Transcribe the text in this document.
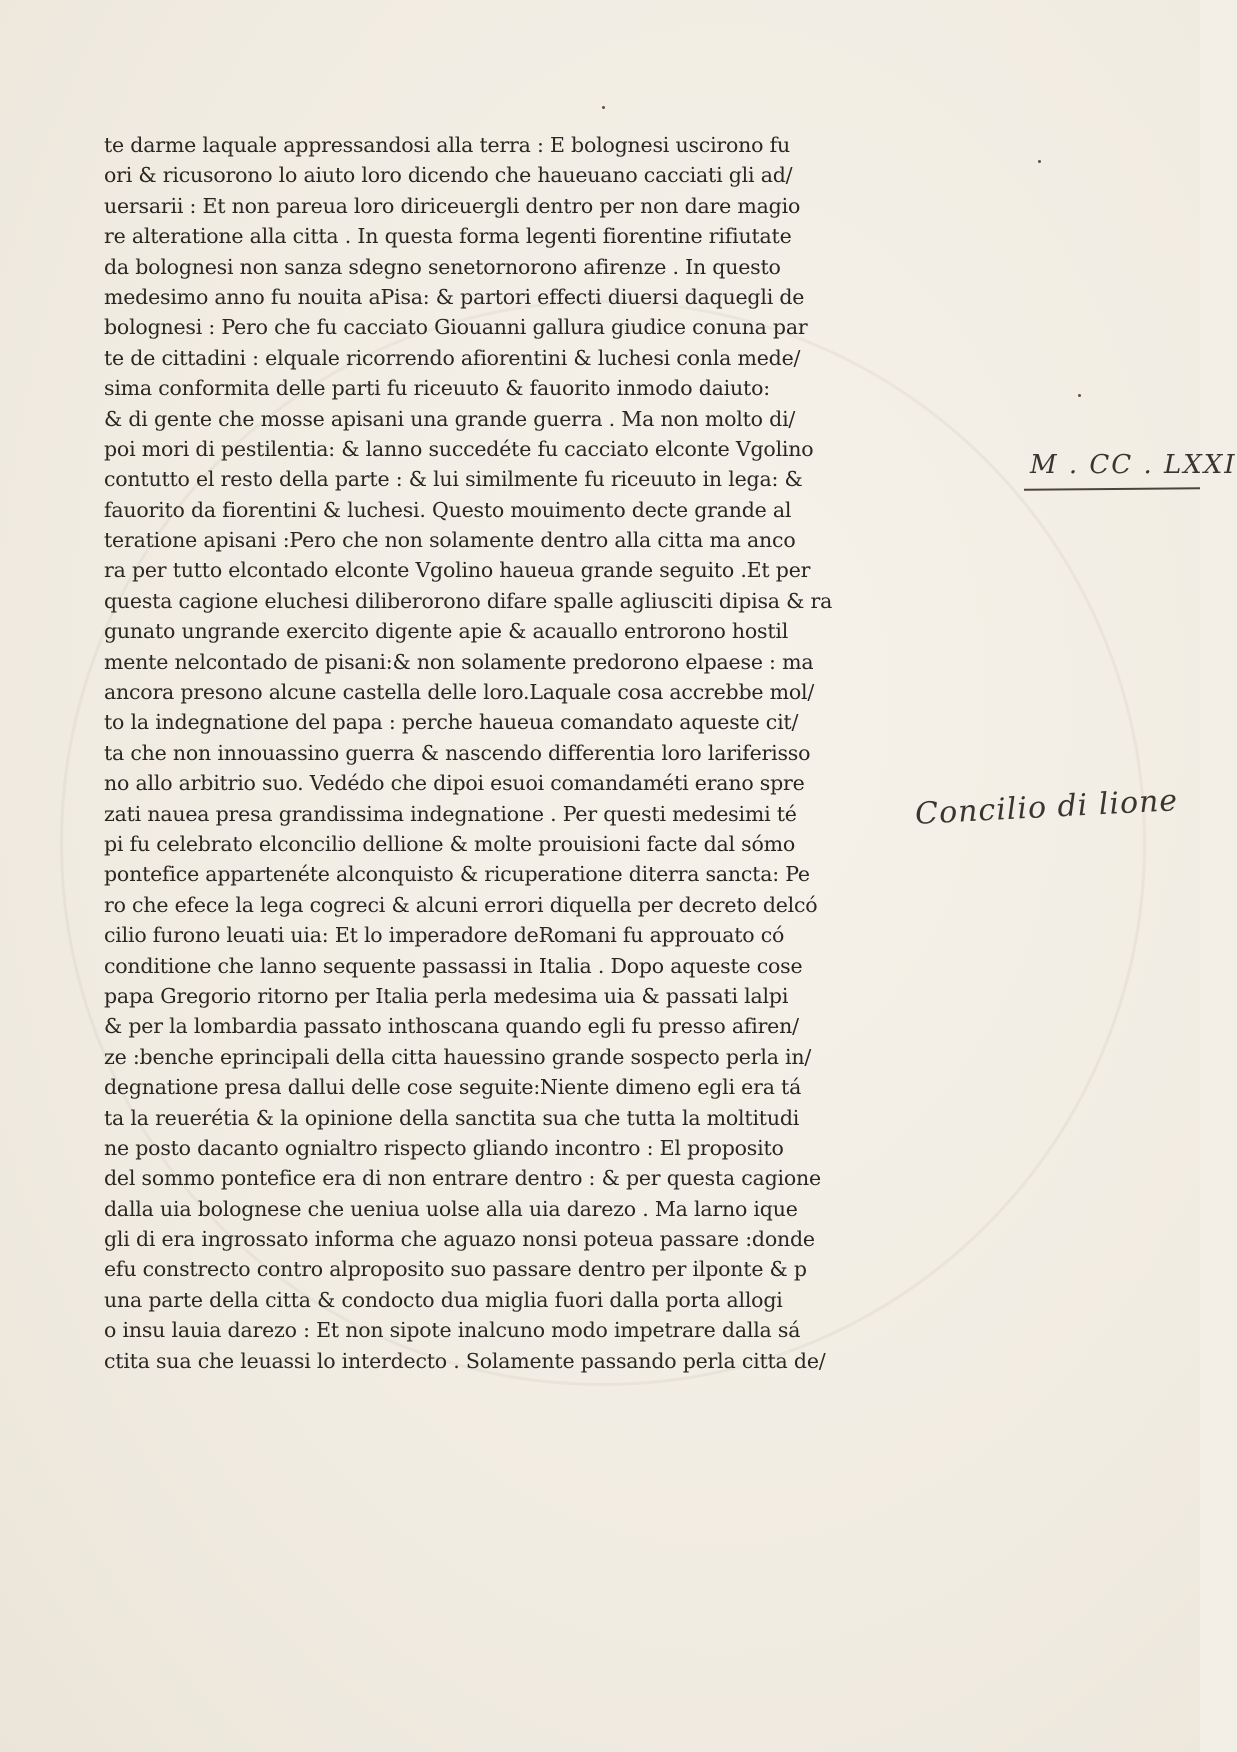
te darme laquale appressandosi alla terra : E bolognesi uscirono fu
ori & ricusorono lo aiuto loro dicendo che haueuano cacciati gli ad/
uersarii : Et non pareua loro diriceuergli dentro per non dare magio
re alteratione alla citta . In questa forma legenti fiorentine rifiutate
da bolognesi non sanza sdegno senetornorono afirenze . In questo
medesimo anno fu nouita aPisa: & partori effecti diuersi daquegli de
bolognesi : Pero che fu cacciato Giouanni gallura giudice conuna par
te de cittadini : elquale ricorrendo afiorentini & luchesi conla mede/
sima conformita delle parti fu riceuuto & fauorito inmodo daiuto:
& di gente che mosse apisani una grande guerra . Ma non molto di/
poi mori di pestilentia: & lanno succedéte fu cacciato elconte Vgolino
contutto el resto della parte : & lui similmente fu riceuuto in lega: &
fauorito da fiorentini & luchesi. Questo mouimento decte grande al
teratione apisani :Pero che non solamente dentro alla citta ma anco
ra per tutto elcontado elconte Vgolino haueua grande seguito .Et per
questa cagione eluchesi diliberorono difare spalle agliusciti dipisa & ra
gunato ungrande exercito digente apie & acauallo entrorono hostil
mente nelcontado de pisani:& non solamente predorono elpaese : ma
ancora presono alcune castella delle loro.Laquale cosa accrebbe mol/
to la indegnatione del papa : perche haueua comandato aqueste cit/
ta che non innouassino guerra & nascendo differentia loro lariferisso
no allo arbitrio suo. Vedédo che dipoi esuoi comandaméti erano spre
zati nauea presa grandissima indegnatione . Per questi medesimi té
pi fu celebrato elconcilio dellione & molte prouisioni facte dal sómo
pontefice appartenéte alconquisto & ricuperatione diterra sancta: Pe
ro che efece la lega cogreci & alcuni errori diquella per decreto delcó
cilio furono leuati uia: Et lo imperadore deRomani fu approuato có
conditione che lanno sequente passassi in Italia . Dopo aqueste cose
papa Gregorio ritorno per Italia perla medesima uia & passati lalpi
& per la lombardia passato inthoscana quando egli fu presso afiren/
ze :benche eprincipali della citta hauessino grande sospecto perla in/
degnatione presa dallui delle cose seguite:Niente dimeno egli era tá
ta la reuerétia & la opinione della sanctita sua che tutta la moltitudi
ne posto dacanto ognialtro rispecto gliando incontro : El proposito
del sommo pontefice era di non entrare dentro : & per questa cagione
dalla uia bolognese che ueniua uolse alla uia darezo . Ma larno ique
gli di era ingrossato informa che aguazo nonsi poteua passare :donde
efu constrecto contro alproposito suo passare dentro per ilponte & p
una parte della citta & condocto dua miglia fuori dalla porta allogi
o insu lauia darezo : Et non sipote inalcuno modo impetrare dalla sá
ctita sua che leuassi lo interdecto . Solamente passando perla citta de/
M . CC . LXXI
Concilio di lione
